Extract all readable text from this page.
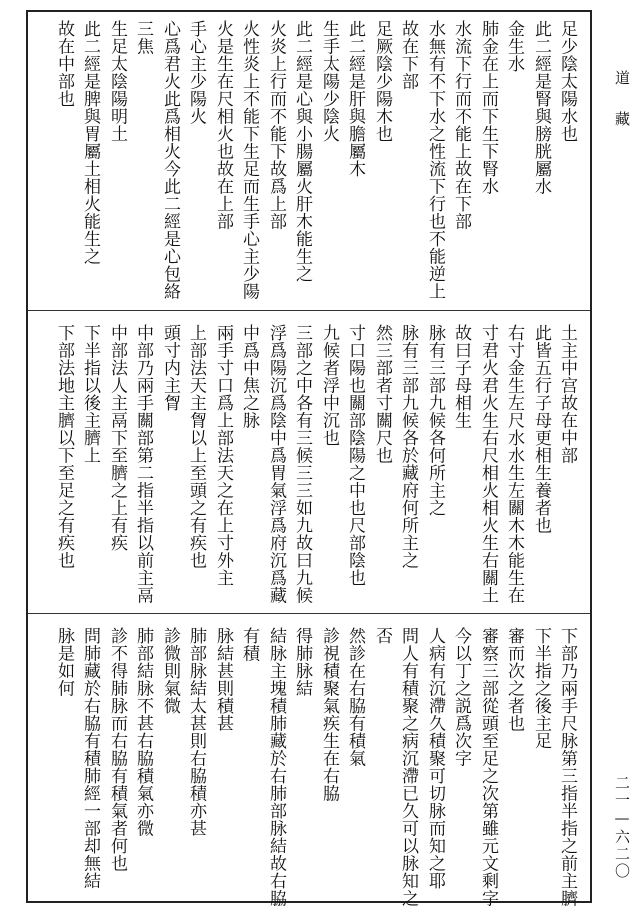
足少陰太陽水也
此二經是腎與膀胱屬水
金生水
肺金在上而下生下腎水
水流下行而不能上故在下部
水無有不下水之性流下行也不能逆上
故在下部
足厥陰少陽木也
此二經是肝與膽屬木
生手太陽少陰火
此二經是心與小腸屬火肝木能生之
火炎上行而不能下故爲上部
火性炎上不能下生足而生手心主少陽
火是生在尺相火也故在上部
手心主少陽火
心爲君火此爲相火今此二經是心包絡
三焦
生足太陰陽明土
此二經是脾與胃屬土相火能生之
故在中部也
土主中宫故在中部
此皆五行子母更相生養者也
右寸金生左尺水水生左關木木能生在
寸君火君火生右尺相火相火生右關土
故曰子母相生
脉有三部九候各何所主之
脉有三部九候各於藏府何所主之
然三部者寸關尺也
寸口陽也關部陰陽之中也尺部陰也
九候者浮中沉也
三部之中各有三候三三如九故曰九候
浮爲陽沉爲陰中爲胃氣浮爲府沉爲藏
中爲中焦之脉
兩手寸口爲上部法天之在上寸外主
上部法天主胷以上至頭之有疾也
頭寸内主胷
中部乃兩手關部第二指半指以前主鬲
中部法人主鬲下至臍之上有疾
下半指以後主臍上
下部法地主臍以下至足之有疾也
下部乃兩手尺脉第三指半指之前主臍
下半指之後主足
審而次之者也
審察三部從頭至足之次第雖元文剩字
今以丁之説爲次字
人病有沉滯久積聚可切脉而知之耶
問人有積聚之病沉滯已久可以脉知之
否
然診在右脇有積氣
診視積聚氣疾生在右脇
得肺脉結
結脉主塊積肺藏於右肺部脉結故右脇
有積
脉結甚則積甚
肺部脉結太甚則右脇積亦甚
診微則氣微
肺部結脉不甚右脇積氣亦微
診不得肺脉而右脇有積氣者何也
問肺藏於右脇有積肺經一部却無結
脉是如何
道藏
二一—六二〇
